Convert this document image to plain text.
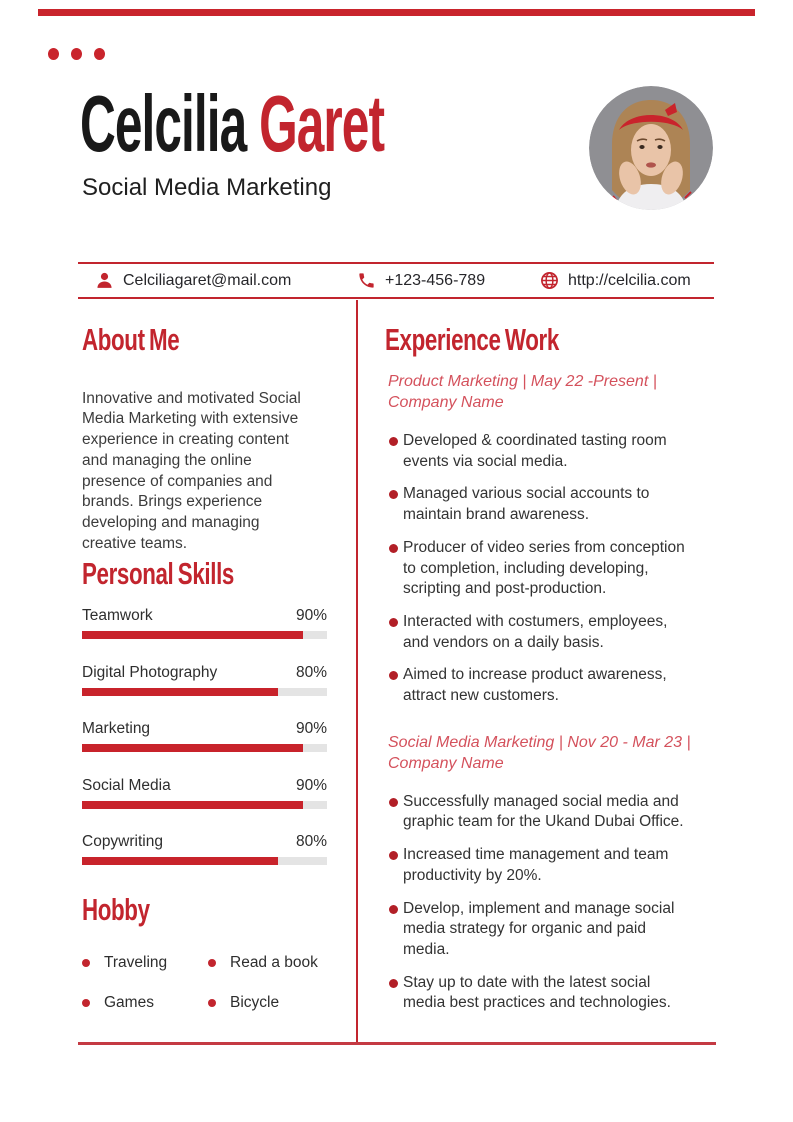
Celcilia Garet
Social Media Marketing
Celciliagaret@mail.com	+123-456-789	http://celcilia.com
About Me

Innovative and motivated Social
Media Marketing with extensive
experience in creating content
and managing the online
presence of companies and
brands. Brings experience
developing and managing
creative teams.

Personal Skills
Teamwork	90%
Digital Photography	80%
Marketing	90%
Social Media	90%
Copywriting	80%
Hobby
Traveling	Read a book
Games	Bicycle
Experience Work

Product Marketing | May 22 -Present |
Company Name

Developed & coordinated tasting room
events via social media.
Managed various social accounts to
maintain brand awareness.
Producer of video series from conception
to completion, including developing,
scripting and post-production.
Interacted with costumers, employees,
and vendors on a daily basis.
Aimed to increase product awareness,
attract new customers.

Social Media Marketing | Nov 20 - Mar 23 |
Company Name

Successfully managed social media and
graphic team for the Ukand Dubai Office.
Increased time management and team
productivity by 20%.
Develop, implement and manage social
media strategy for organic and paid
media.
Stay up to date with the latest social
media best practices and technologies.
